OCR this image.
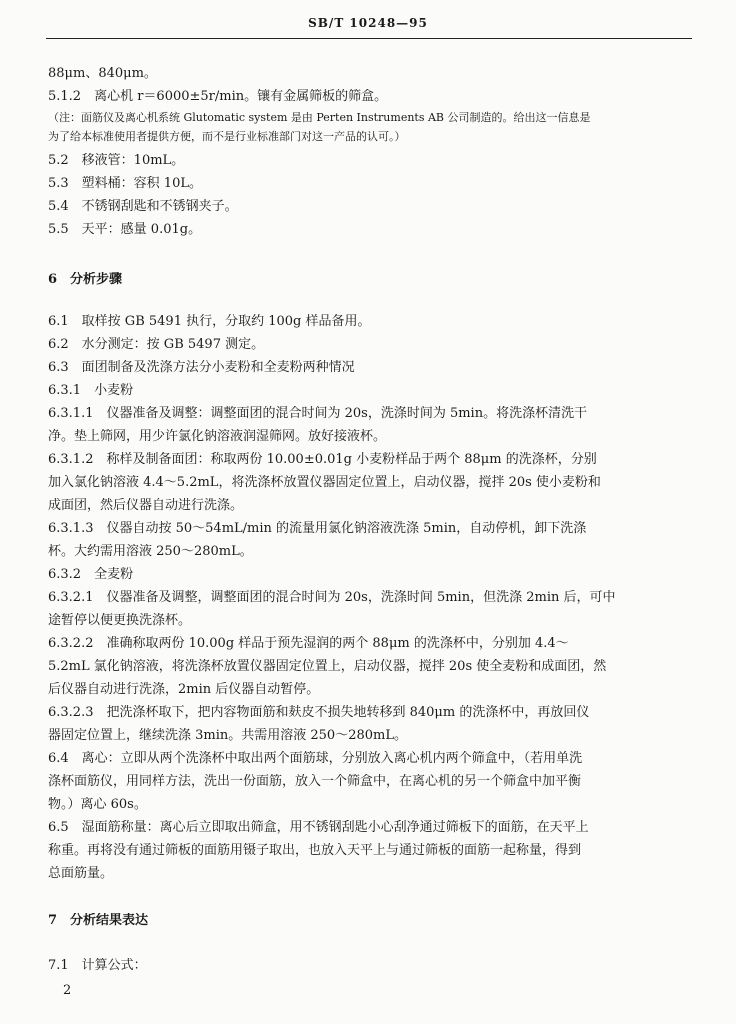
SB/T 10248—95
88μm、840μm。
5.1.2　离心机 r＝6000±5r/min。镶有金属筛板的筛盒。
（注：面筋仪及离心机系统 Glutomatic system 是由 Perten Instruments AB 公司制造的。给出这一信息是
为了给本标准使用者提供方便，而不是行业标准部门对这一产品的认可。）
5.2　移液管：10mL。
5.3　塑料桶：容积 10L。
5.4　不锈钢刮匙和不锈钢夹子。
5.5　天平：感量 0.01g。
6　分析步骤
6.1　取样按 GB 5491 执行，分取约 100g 样品备用。
6.2　水分测定：按 GB 5497 测定。
6.3　面团制备及洗涤方法分小麦粉和全麦粉两种情况
6.3.1　小麦粉
6.3.1.1　仪器准备及调整：调整面团的混合时间为 20s，洗涤时间为 5min。将洗涤杯清洗干
净。垫上筛网，用少许氯化钠溶液润湿筛网。放好接液杯。
6.3.1.2　称样及制备面团：称取两份 10.00±0.01g 小麦粉样品于两个 88μm 的洗涤杯，分别
加入氯化钠溶液 4.4～5.2mL，将洗涤杯放置仪器固定位置上，启动仪器，搅拌 20s 使小麦粉和
成面团，然后仪器自动进行洗涤。
6.3.1.3　仪器自动按 50～54mL/min 的流量用氯化钠溶液洗涤 5min，自动停机，卸下洗涤
杯。大约需用溶液 250～280mL。
6.3.2　全麦粉
6.3.2.1　仪器准备及调整，调整面团的混合时间为 20s，洗涤时间 5min，但洗涤 2min 后，可中
途暂停以便更换洗涤杯。
6.3.2.2　准确称取两份 10.00g 样品于预先湿润的两个 88μm 的洗涤杯中，分别加 4.4～
5.2mL 氯化钠溶液，将洗涤杯放置仪器固定位置上，启动仪器，搅拌 20s 使全麦粉和成面团，然
后仪器自动进行洗涤，2min 后仪器自动暂停。
6.3.2.3　把洗涤杯取下，把内容物面筋和麸皮不损失地转移到 840μm 的洗涤杯中，再放回仪
器固定位置上，继续洗涤 3min。共需用溶液 250～280mL。
6.4　离心：立即从两个洗涤杯中取出两个面筋球，分别放入离心机内两个筛盒中，（若用单洗
涤杯面筋仪，用同样方法，洗出一份面筋，放入一个筛盒中，在离心机的另一个筛盒中加平衡
物。）离心 60s。
6.5　湿面筋称量：离心后立即取出筛盒，用不锈钢刮匙小心刮净通过筛板下的面筋，在天平上
称重。再将没有通过筛板的面筋用镊子取出，也放入天平上与通过筛板的面筋一起称量，得到
总面筋量。
7　分析结果表达
7.1　计算公式：
2
